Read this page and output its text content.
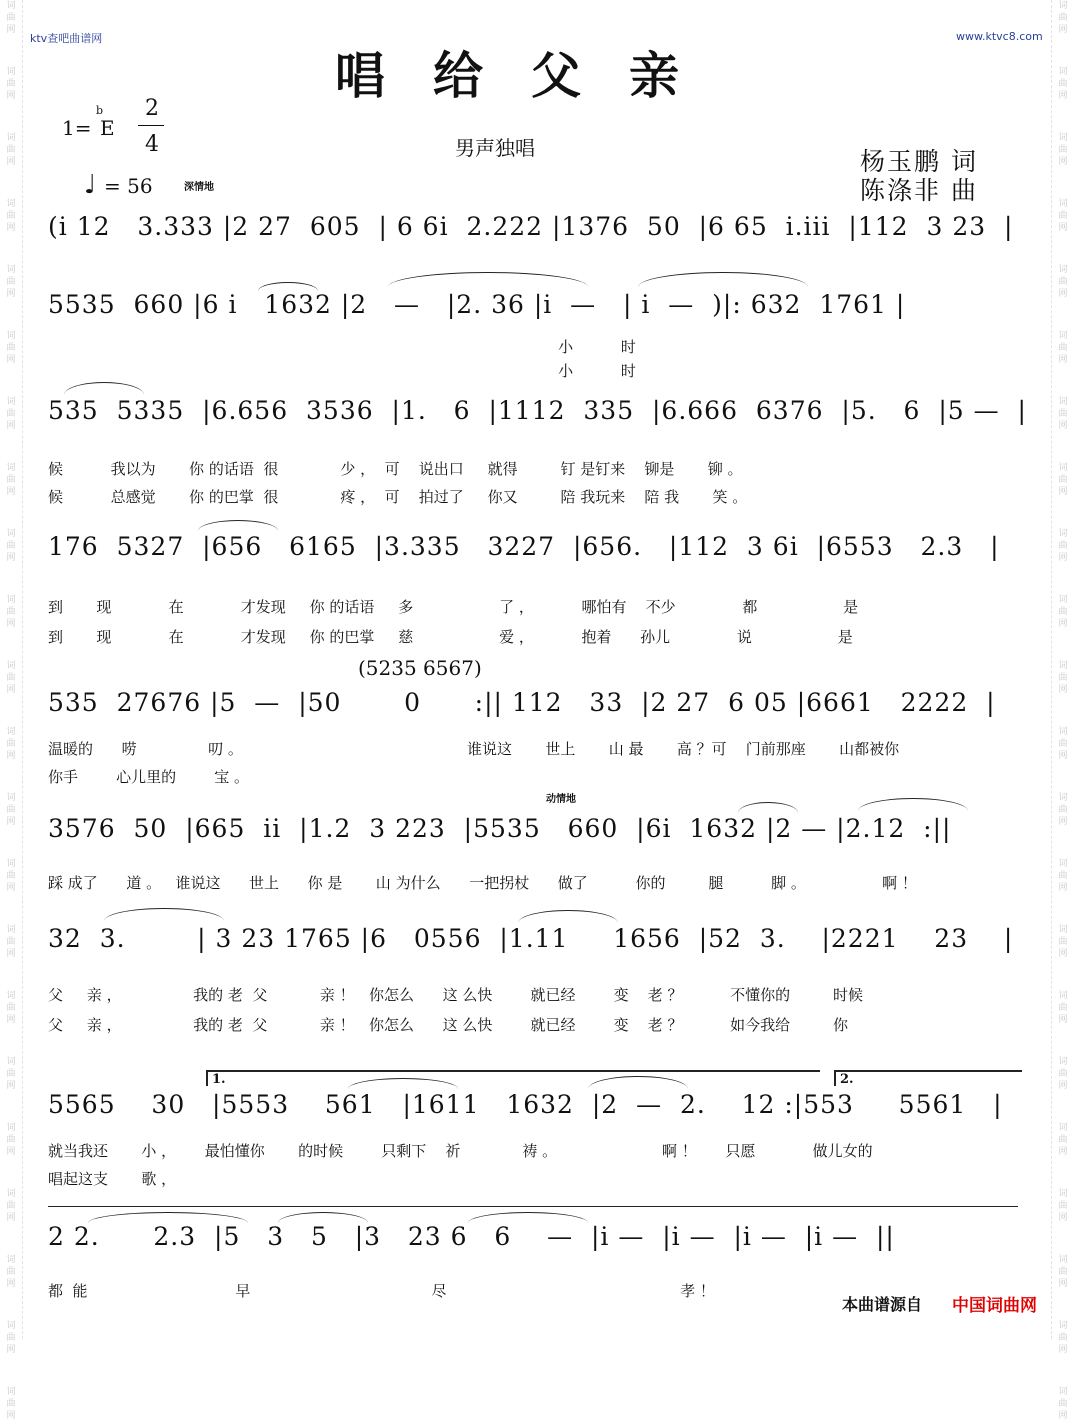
词
曲
网
词
曲
网
词
曲
网
词
曲
网
词
曲
网
词
曲
网
词
曲
网
词
曲
网
词
曲
网
词
曲
网
词
曲
网
词
曲
网
词
曲
网
词
曲
网
词
曲
网
词
曲
网
词
曲
网
词
曲
网
词
曲
网
词
曲
网
词
曲
网
词
曲
网
词
曲
网
词
曲
网
词
曲
网
词
曲
网
词
曲
网
词
曲
网
词
曲
网
词
曲
网
词
曲
网
词
曲
网
词
曲
网
词
曲
网
词
曲
网
词
曲
网
词
曲
网
词
曲
网
词
曲
网
词
曲
网
词
曲
网
词
曲
网
词
曲
网
词
曲
网
ktv查吧曲谱网	www.ktvc8.com
唱给父亲
1=
b
E
2
4
♩ = 56	深情地
男声独唱	杨玉鹏 词
陈涤非 曲
动情地
(i 12   3.333 |2 27  605  | 6 6i  2.222 |1376  50  |6 65  i.iii  |112  3 23  |
5535  660 |6 i   1632 |2   —   |2. 36 |i  —   | i  —  )|: 632  1761 |
小          时
小          时
535  5335  |6.656  3536  |1.   6  |1112  335  |6.666  6376  |5.   6  |5 —  |
候          我以为       你 的话语  很             少 ，  可    说出口     就得         钉 是钉来    铆是       铆 。
候          总感觉       你 的巴掌  很             疼 ，  可    拍过了     你又         陪 我玩来    陪 我       笑 。
176  5327  |656   6165  |3.335   3227  |656.   |112  3 6i  |6553   2.3   |
到       现            在            才发现     你 的话语     多                  了 ，          哪怕有    不少              都                  是
到       现            在            才发现     你 的巴掌     慈                  爱 ，          抱着      孙儿              说                  是
(5235 6567)
535  27676 |5  —  |50       0      :|| 112   33  |2 27  6 05 |6661   2222  |
温暖的      唠               叨 。                                               谁说这       世上       山 最       高 ？可    门前那座       山都被你
你手        心儿里的        宝 。
3576  50  |665  ii  |1.2  3 223  |5535   660  |6i  1632 |2 — |2.12  :||
踩 成了      道 。   谁说这      世上      你 是       山 为什么      一把拐杖      做了          你的         腿          脚 。                啊 ！
32  3.        | 3 23 1765 |6   0556  |1.11     1656  |52  3.    |2221    23    |
父     亲 ，               我的 老  父           亲 ！   你怎么      这 么快        就已经        变    老 ？          不懂你的         时候
父     亲 ，               我的 老  父           亲 ！   你怎么      这 么快        就已经        变    老 ？          如今我给         你
1.	2.
5565    30   |5553    561   |1611   1632  |2  —  2.    12 :|553     5561   |
就当我还       小 ，      最怕懂你       的时候        只剩下    祈             祷 。                      啊 ！      只愿            做儿女的
唱起这支       歌 ，
2 2.      2.3  |5   3   5   |3   23 6   6    —  |i —  |i —  |i —  |i —  ||
都  能                               早                                      尽                                                 孝 ！
本曲谱源自 中国词曲网
